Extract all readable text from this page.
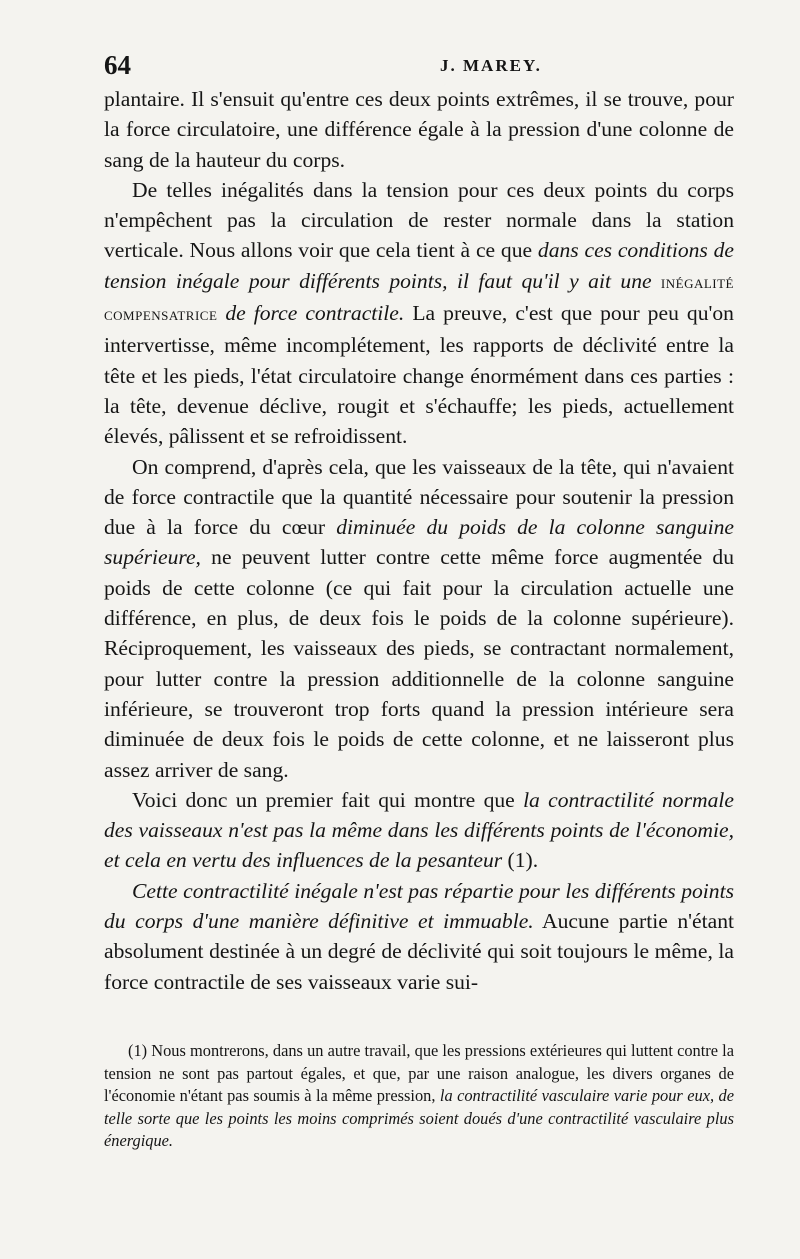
64	J. MAREY.

plantaire. Il s'ensuit qu'entre ces deux points extrêmes, il se trouve, pour la force circulatoire, une différence égale à la pression d'une colonne de sang de la hauteur du corps.

De telles inégalités dans la tension pour ces deux points du corps n'empêchent pas la circulation de rester normale dans la station verticale. Nous allons voir que cela tient à ce que dans ces conditions de tension inégale pour différents points, il faut qu'il y ait une inégalité compensatrice de force contractile. La preuve, c'est que pour peu qu'on intervertisse, même incomplétement, les rapports de déclivité entre la tête et les pieds, l'état circulatoire change énormément dans ces parties : la tête, devenue déclive, rougit et s'échauffe; les pieds, actuellement élevés, pâlissent et se refroidissent.

On comprend, d'après cela, que les vaisseaux de la tête, qui n'avaient de force contractile que la quantité nécessaire pour soutenir la pression due à la force du cœur diminuée du poids de la colonne sanguine supérieure, ne peuvent lutter contre cette même force augmentée du poids de cette colonne (ce qui fait pour la circulation actuelle une différence, en plus, de deux fois le poids de la colonne supérieure). Réciproquement, les vaisseaux des pieds, se contractant normalement, pour lutter contre la pression additionnelle de la colonne sanguine inférieure, se trouveront trop forts quand la pression intérieure sera diminuée de deux fois le poids de cette colonne, et ne laisseront plus assez arriver de sang.

Voici donc un premier fait qui montre que la contractilité normale des vaisseaux n'est pas la même dans les différents points de l'économie, et cela en vertu des influences de la pesanteur (1).

Cette contractilité inégale n'est pas répartie pour les différents points du corps d'une manière définitive et immuable. Aucune partie n'étant absolument destinée à un degré de déclivité qui soit toujours le même, la force contractile de ses vaisseaux varie sui-

(1) Nous montrerons, dans un autre travail, que les pressions extérieures qui luttent contre la tension ne sont pas partout égales, et que, par une raison analogue, les divers organes de l'économie n'étant pas soumis à la même pression, la contractilité vasculaire varie pour eux, de telle sorte que les points les moins comprimés soient doués d'une contractilité vasculaire plus énergique.
